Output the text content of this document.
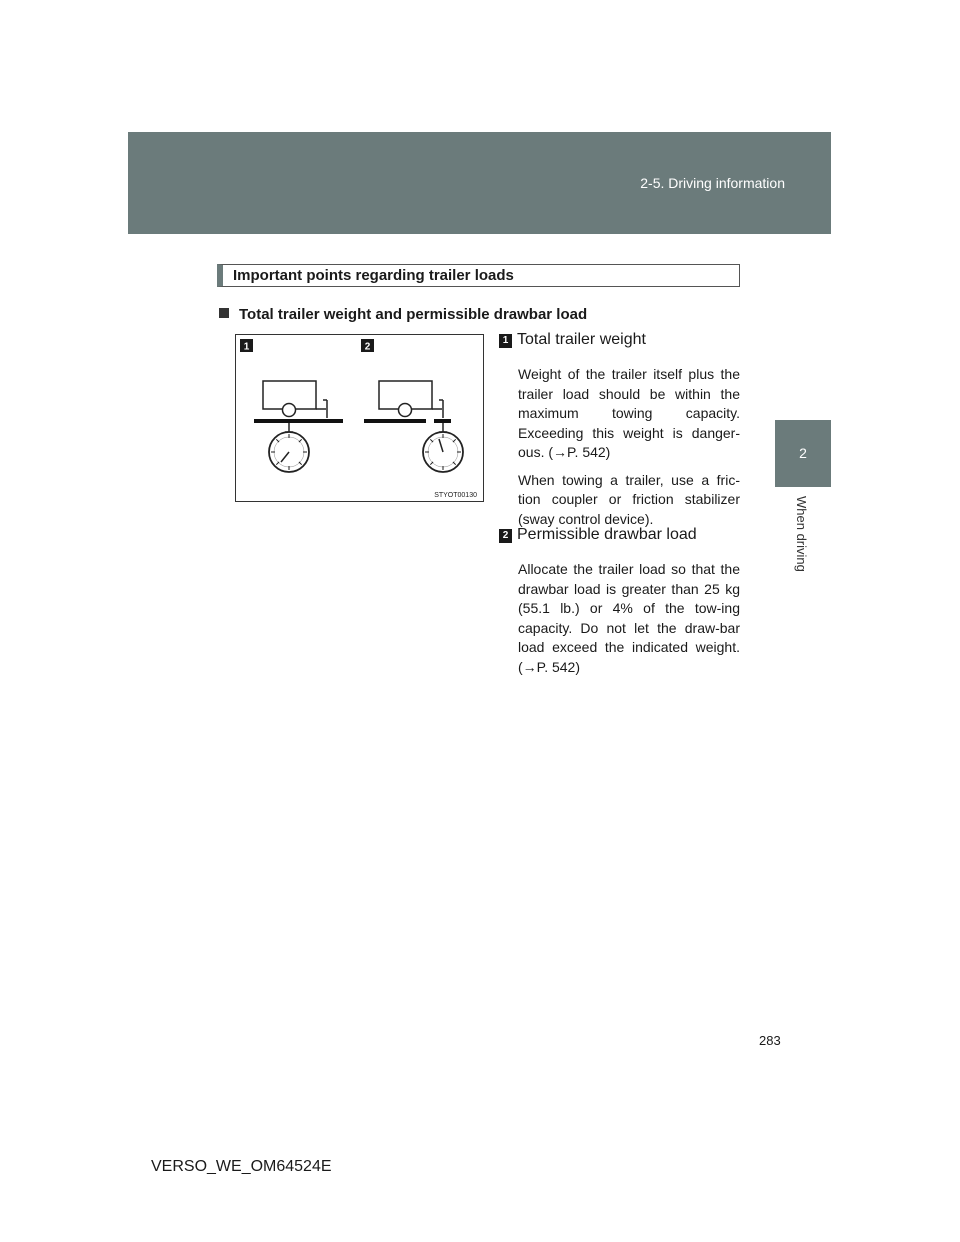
2-5. Driving information
2
When driving
Important points regarding trailer loads
Total trailer weight and permissible drawbar load
1	2
STYOT00130
1 Total trailer weight

Weight of the trailer itself plus the trailer load should be within the maximum towing capacity. Exceeding this weight is danger-ous. (→P. 542)

When towing a trailer, use a fric-tion coupler or friction stabilizer (sway control device).

2 Permissible drawbar load

Allocate the trailer load so that the drawbar load is greater than 25 kg (55.1 lb.) or 4% of the tow-ing capacity. Do not let the draw-bar load exceed the indicated weight. (→P. 542)

283
VERSO_WE_OM64524E
